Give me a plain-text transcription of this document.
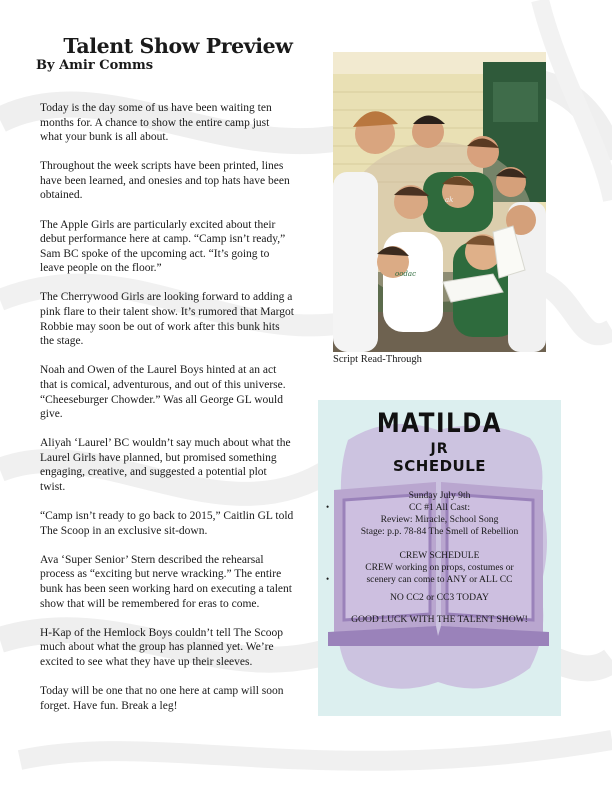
Talent Show Preview

By Amir Comms

Today is the day some of us have been waiting ten months for. A chance to show the entire camp just what your bunk is all about.

Throughout the week scripts have been printed, lines have been learned, and onesies and top hats have been obtained.

The Apple Girls are particularly excited about their debut performance here at camp. “Camp isn’t ready,” Sam BC spoke of the upcoming act. “It’s going to leave people on the floor.”

The Cherrywood Girls are looking forward to adding a pink flare to their talent show. It’s rumored that Margot Robbie may soon be out of work after this bunk hits the stage.

Noah and Owen of the Laurel Boys hinted at an act that is comical, adventurous, and out of this universe. “Cheeseburger Chowder.” Was all George GL would give.

Aliyah ‘Laurel’ BC wouldn’t say much about what the Laurel Girls have planned, but promised something engaging, creative, and suggested a potential plot twist.

“Camp isn’t ready to go back to 2015,” Caitlin GL told The Scoop in an exclusive sit-down.

Ava ‘Super Senior’ Stern described the rehearsal process as “exciting but nerve wracking.” The entire bunk has been seen working hard on executing a talent show that will be remembered for eras to come.

H-Kap of the Hemlock Boys couldn’t tell The Scoop much about what the group has planned yet. We’re excited to see what they have up their sleeves.

Today will be one that no one here at camp will soon forget. Have fun. Break a leg!

oodac
ak

Script Read-Through

MATILDA

JR

SCHEDULE

Sunday July 9th
CC #1 All Cast:
Review: Miracle, School Song
Stage: p.p. 78-84 The Smell of Rebellion
CREW SCHEDULE
CREW working on props, costumes or
scenery can come to ANY or ALL CC
NO CC2 or CC3 TODAY
GOOD LUCK WITH THE TALENT SHOW!
•
•
